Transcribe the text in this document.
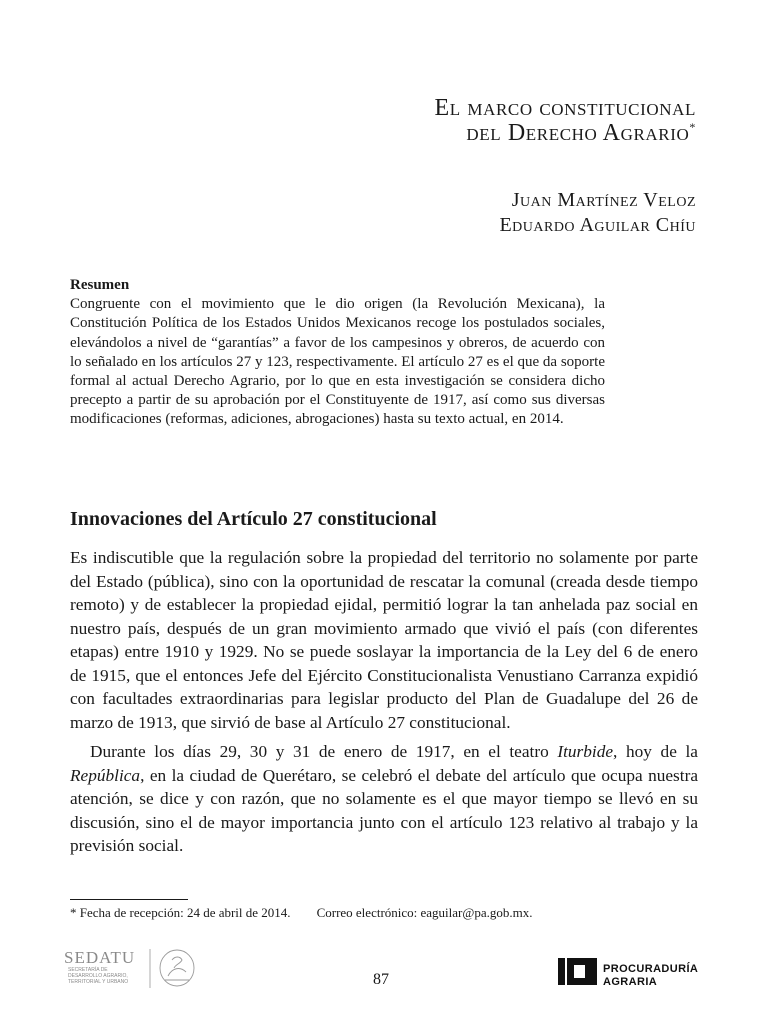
El marco constitucional
del Derecho Agrario*
Juan Martínez Veloz
Eduardo Aguilar Chíu
Resumen
Congruente con el movimiento que le dio origen (la Revolución Mexicana), la Constitución Política de los Estados Unidos Mexicanos recoge los postulados sociales, elevándolos a nivel de “garantías” a favor de los campesinos y obreros, de acuerdo con lo señalado en los artículos 27 y 123, respectivamente. El artículo 27 es el que da soporte formal al actual Derecho Agrario, por lo que en esta investigación se considera dicho precepto a partir de su aprobación por el Constituyente de 1917, así como sus diversas modificaciones (reformas, adiciones, abrogaciones) hasta su texto actual, en 2014.
Innovaciones del Artículo 27 constitucional

Es indiscutible que la regulación sobre la propiedad del territorio no solamente por parte del Estado (pública), sino con la oportunidad de rescatar la comunal (creada desde tiempo remoto) y de establecer la propiedad ejidal, permitió lograr la tan anhelada paz social en nuestro país, después de un gran movimiento armado que vivió el país (con diferentes etapas) entre 1910 y 1929. No se puede soslayar la importancia de la Ley del 6 de enero de 1915, que el entonces Jefe del Ejército Constitucionalista Venustiano Carranza expidió con facultades extraordinarias para legislar producto del Plan de Guadalupe del 26 de marzo de 1913, que sirvió de base al Artículo 27 constitucional.

Durante los días 29, 30 y 31 de enero de 1917, en el teatro Iturbide, hoy de la República, en la ciudad de Querétaro, se celebró el debate del artículo que ocupa nuestra atención, se dice y con razón, que no solamente es el que mayor tiempo se llevó en su discusión, sino el de mayor importancia junto con el artículo 123 relativo al trabajo y la previsión social.

* Fecha de recepción: 24 de abril de 2014. Correo electrónico: eaguilar@pa.gob.mx.
SEDATU
SECRETARÍA DE
DESARROLLO AGRARIO,
TERRITORIAL Y URBANO	87
PROCURADURÍA
AGRARIA
